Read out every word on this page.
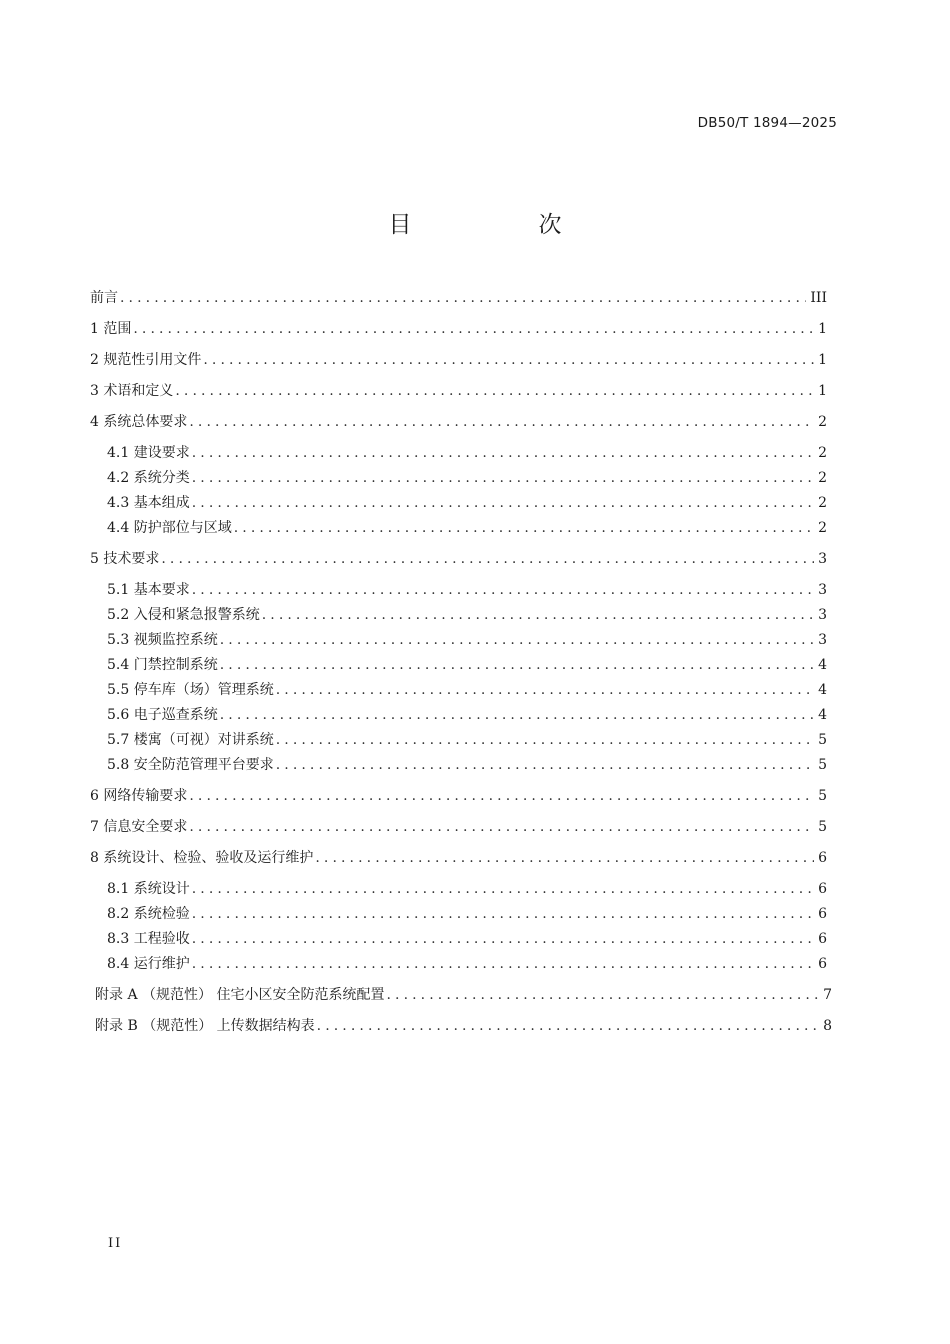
DB50/T 1894—2025
目　次
前言 .....	III
1 范围 .....	1
2 规范性引用文件 .....	1
3 术语和定义 .....	1
4 系统总体要求 .....	2
4.1 建设要求 .....	2
4.2 系统分类 .....	2
4.3 基本组成 .....	2
4.4 防护部位与区域 .....	2
5 技术要求 .....	3
5.1 基本要求 .....	3
5.2 入侵和紧急报警系统 .....	3
5.3 视频监控系统 .....	3
5.4 门禁控制系统 .....	4
5.5 停车库（场）管理系统 .....	4
5.6 电子巡查系统 .....	4
5.7 楼寓（可视）对讲系统 .....	5
5.8 安全防范管理平台要求 .....	5
6 网络传输要求 .....	5
7 信息安全要求 .....	5
8 系统设计、检验、验收及运行维护 .....	6
8.1 系统设计 .....	6
8.2 系统检验 .....	6
8.3 工程验收 .....	6
8.4 运行维护 .....	6
附录 A （规范性） 住宅小区安全防范系统配置 .....	7
附录 B （规范性） 上传数据结构表 .....	8
II
